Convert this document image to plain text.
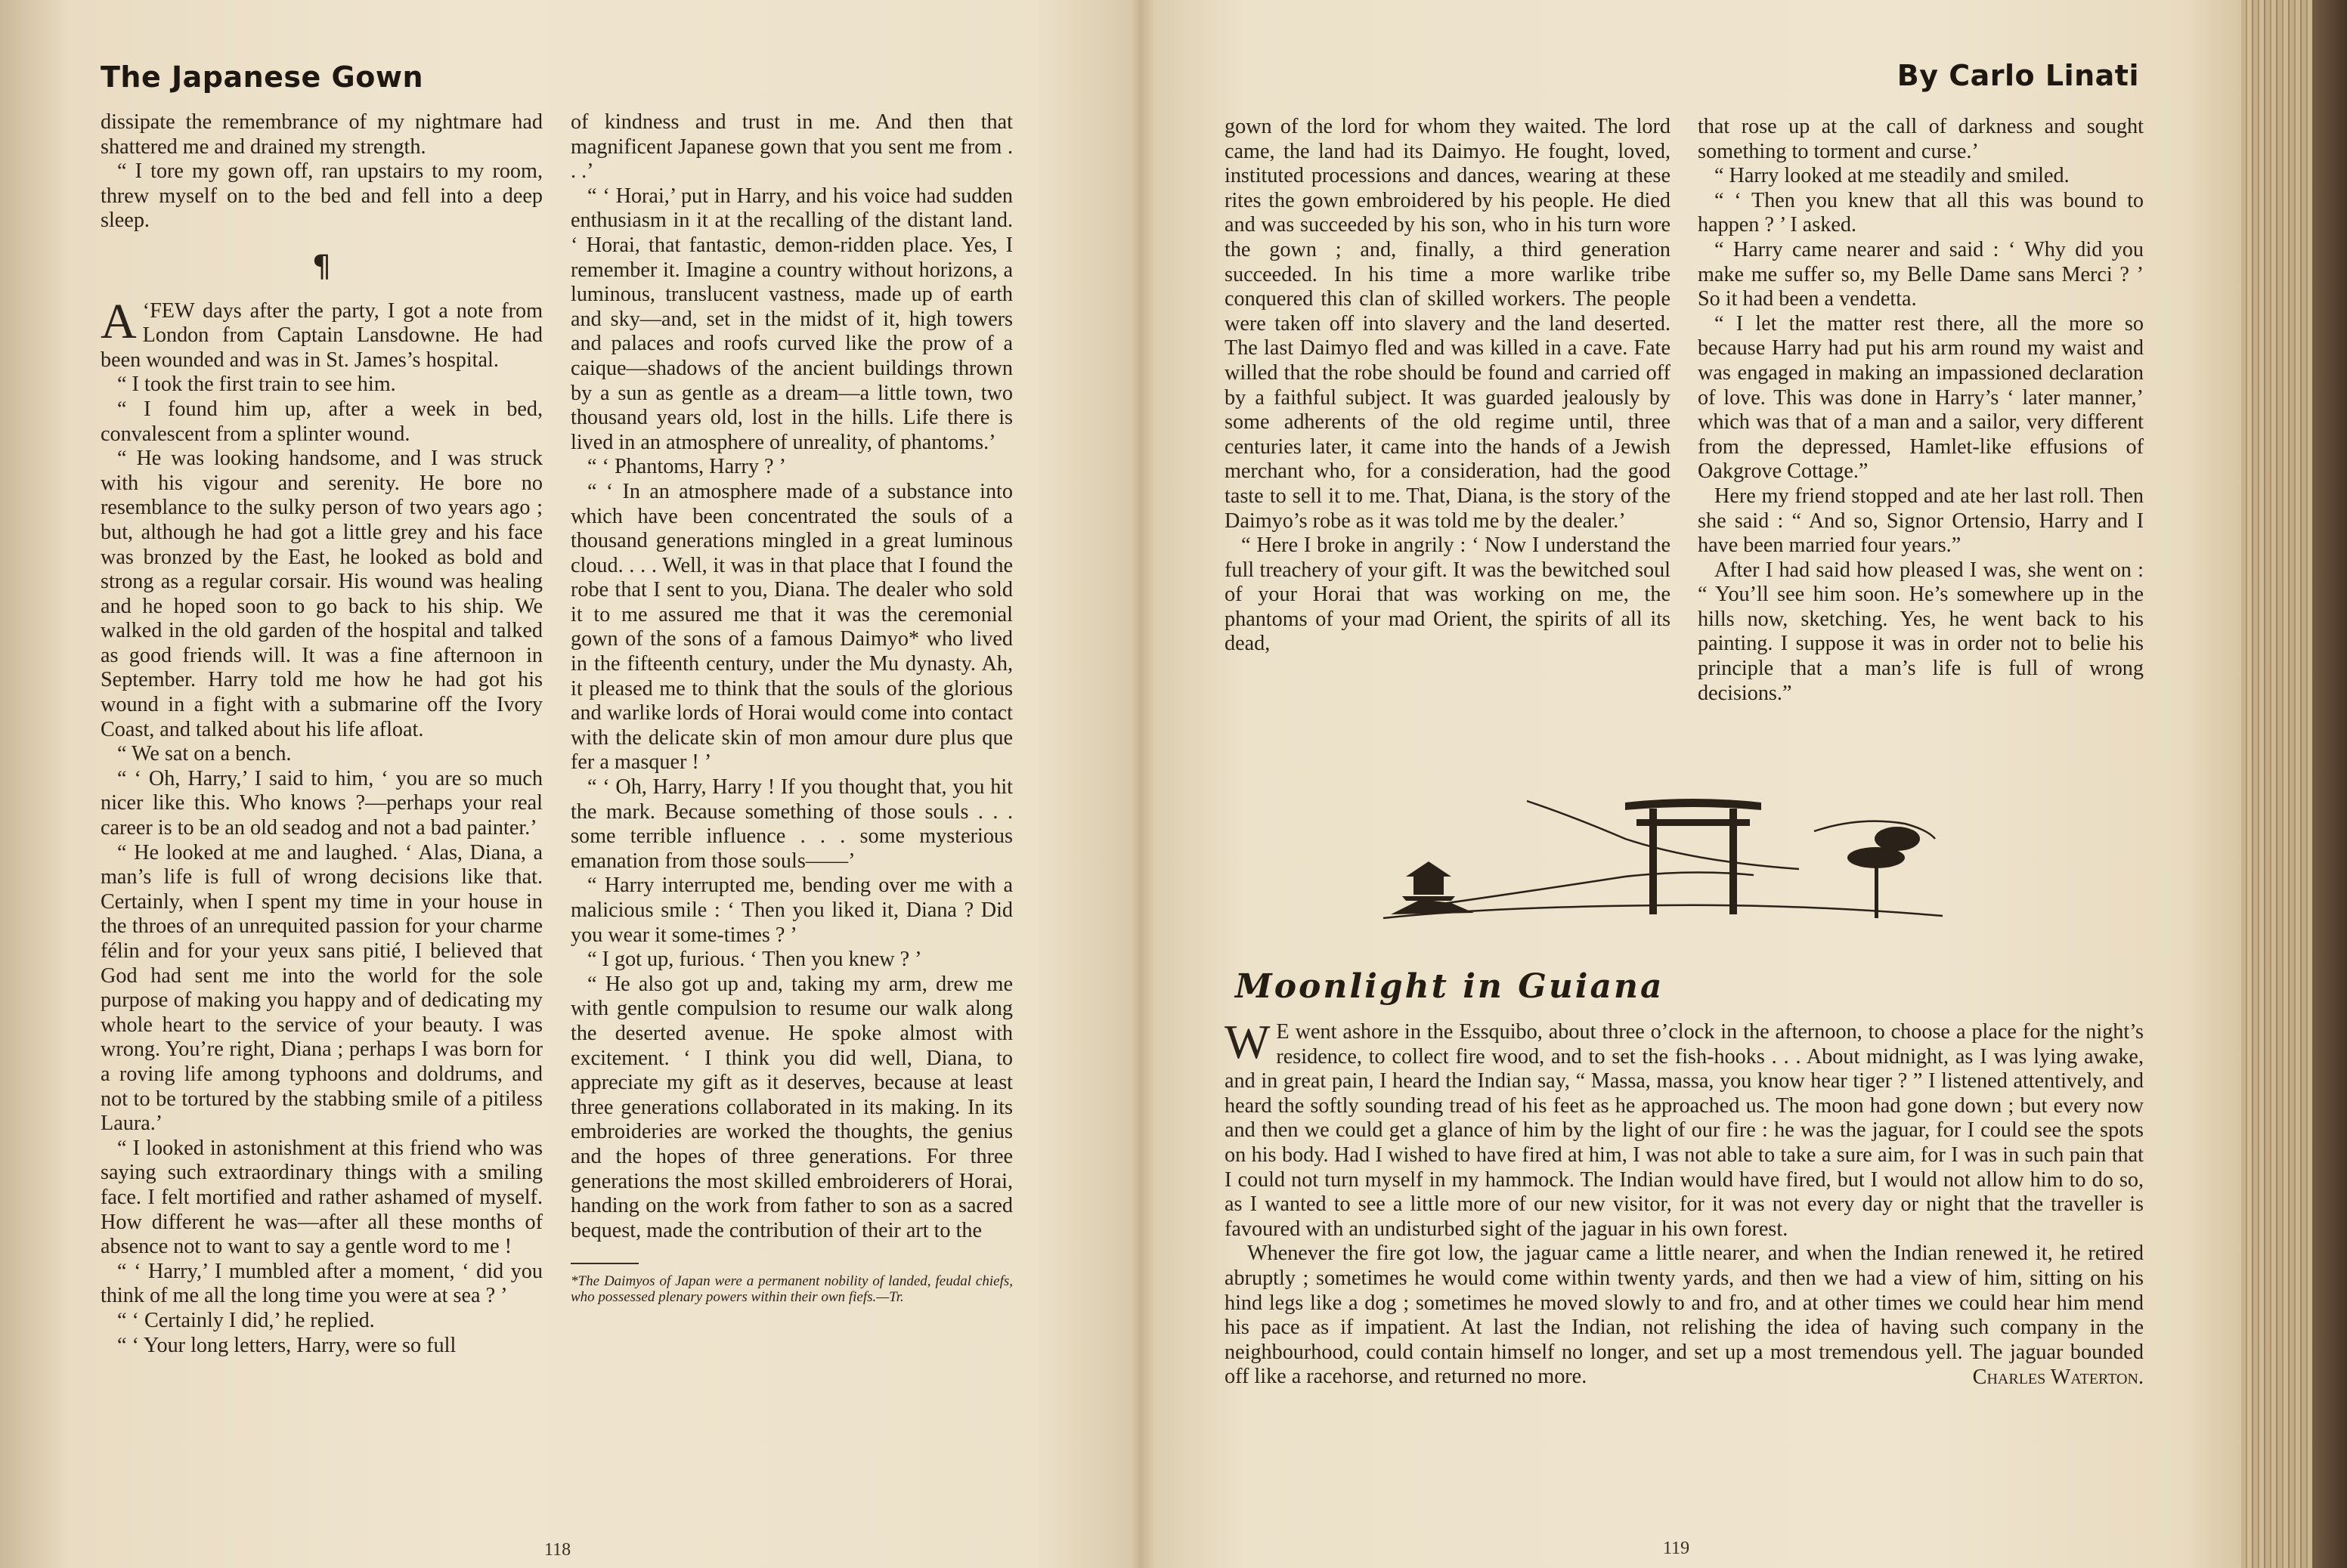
The Japanese Gown

dissipate the remembrance of my nightmare had shattered me and drained my strength.

“ I tore my gown off, ran upstairs to my room, threw myself on to the bed and fell into a deep sleep.

¶

‘
A FEW days after the party, I got a note from London from Captain Lansdowne. He had been wounded and was in St. James’s hospital.

“ I took the first train to see him.

“ I found him up, after a week in bed, convalescent from a splinter wound.

“ He was looking handsome, and I was struck with his vigour and serenity. He bore no resemblance to the sulky person of two years ago ; but, although he had got a little grey and his face was bronzed by the East, he looked as bold and strong as a regular corsair. His wound was healing and he hoped soon to go back to his ship. We walked in the old garden of the hospital and talked as good friends will. It was a fine afternoon in September. Harry told me how he had got his wound in a fight with a submarine off the Ivory Coast, and talked about his life afloat.

“ We sat on a bench.

“ ‘ Oh, Harry,’ I said to him, ‘ you are so much nicer like this. Who knows ?—perhaps your real career is to be an old seadog and not a bad painter.’

“ He looked at me and laughed. ‘ Alas, Diana, a man’s life is full of wrong decisions like that. Certainly, when I spent my time in your house in the throes of an unrequited passion for your charme félin and for your yeux sans pitié, I believed that God had sent me into the world for the sole purpose of making you happy and of dedicating my whole heart to the service of your beauty. I was wrong. You’re right, Diana ; perhaps I was born for a roving life among typhoons and doldrums, and not to be tortured by the stabbing smile of a pitiless Laura.’

“ I looked in astonishment at this friend who was saying such extraordinary things with a smiling face. I felt mortified and rather ashamed of myself. How different he was—after all these months of absence not to want to say a gentle word to me !

“ ‘ Harry,’ I mumbled after a moment, ‘ did you think of me all the long time you were at sea ? ’

“ ‘ Certainly I did,’ he replied.

“ ‘ Your long letters, Harry, were so full

of kindness and trust in me. And then that magnificent Japanese gown that you sent me from . . .’

“ ‘ Horai,’ put in Harry, and his voice had sudden enthusiasm in it at the recalling of the distant land. ‘ Horai, that fantastic, demon-ridden place. Yes, I remember it. Imagine a country without horizons, a luminous, translucent vastness, made up of earth and sky—and, set in the midst of it, high towers and palaces and roofs curved like the prow of a caique—shadows of the ancient buildings thrown by a sun as gentle as a dream—a little town, two thousand years old, lost in the hills. Life there is lived in an atmosphere of unreality, of phantoms.’

“ ‘ Phantoms, Harry ? ’

“ ‘ In an atmosphere made of a substance into which have been concentrated the souls of a thousand generations mingled in a great luminous cloud. . . . Well, it was in that place that I found the robe that I sent to you, Diana. The dealer who sold it to me assured me that it was the ceremonial gown of the sons of a famous Daimyo* who lived in the fifteenth century, under the Mu dynasty. Ah, it pleased me to think that the souls of the glorious and warlike lords of Horai would come into contact with the delicate skin of mon amour dure plus que fer a masquer ! ’

“ ‘ Oh, Harry, Harry ! If you thought that, you hit the mark. Because something of those souls . . . some terrible influence . . . some mysterious emanation from those souls——’

“ Harry interrupted me, bending over me with a malicious smile : ‘ Then you liked it, Diana ? Did you wear it some-times ? ’

“ I got up, furious. ‘ Then you knew ? ’

“ He also got up and, taking my arm, drew me with gentle compulsion to resume our walk along the deserted avenue. He spoke almost with excitement. ‘ I think you did well, Diana, to appreciate my gift as it deserves, because at least three generations collaborated in its making. In its embroideries are worked the thoughts, the genius and the hopes of three generations. For three generations the most skilled embroiderers of Horai, handing on the work from father to son as a sacred bequest, made the contribution of their art to the

*The Daimyos of Japan were a permanent nobility of landed, feudal chiefs, who possessed plenary powers within their own fiefs.—Tr.
118
By Carlo Linati

gown of the lord for whom they waited. The lord came, the land had its Daimyo. He fought, loved, instituted processions and dances, wearing at these rites the gown embroidered by his people. He died and was succeeded by his son, who in his turn wore the gown ; and, finally, a third generation succeeded. In his time a more warlike tribe conquered this clan of skilled workers. The people were taken off into slavery and the land deserted. The last Daimyo fled and was killed in a cave. Fate willed that the robe should be found and carried off by a faithful subject. It was guarded jealously by some adherents of the old regime until, three centuries later, it came into the hands of a Jewish merchant who, for a consideration, had the good taste to sell it to me. That, Diana, is the story of the Daimyo’s robe as it was told me by the dealer.’

“ Here I broke in angrily : ‘ Now I understand the full treachery of your gift. It was the bewitched soul of your Horai that was working on me, the phantoms of your mad Orient, the spirits of all its dead,

that rose up at the call of darkness and sought something to torment and curse.’

“ Harry looked at me steadily and smiled.

“ ‘ Then you knew that all this was bound to happen ? ’ I asked.

“ Harry came nearer and said : ‘ Why did you make me suffer so, my Belle Dame sans Merci ? ’ So it had been a vendetta.

“ I let the matter rest there, all the more so because Harry had put his arm round my waist and was engaged in making an impassioned declaration of love. This was done in Harry’s ‘ later manner,’ which was that of a man and a sailor, very different from the depressed, Hamlet-like effusions of Oakgrove Cottage.”

Here my friend stopped and ate her last roll. Then she said : “ And so, Signor Ortensio, Harry and I have been married four years.”

After I had said how pleased I was, she went on : “ You’ll see him soon. He’s somewhere up in the hills now, sketching. Yes, he went back to his painting. I suppose it was in order not to belie his principle that a man’s life is full of wrong decisions.”

Moonlight in Guiana

W E went ashore in the Essquibo, about three o’clock in the afternoon, to choose a place for the night’s residence, to collect fire wood, and to set the fish-hooks . . . About midnight, as I was lying awake, and in great pain, I heard the Indian say, “ Massa, massa, you know hear tiger ? ” I listened attentively, and heard the softly sounding tread of his feet as he approached us. The moon had gone down ; but every now and then we could get a glance of him by the light of our fire : he was the jaguar, for I could see the spots on his body. Had I wished to have fired at him, I was not able to take a sure aim, for I was in such pain that I could not turn myself in my hammock. The Indian would have fired, but I would not allow him to do so, as I wanted to see a little more of our new visitor, for it was not every day or night that the traveller is favoured with an undisturbed sight of the jaguar in his own forest.

Whenever the fire got low, the jaguar came a little nearer, and when the Indian renewed it, he retired abruptly ; sometimes he would come within twenty yards, and then we had a view of him, sitting on his hind legs like a dog ; sometimes he moved slowly to and fro, and at other times we could hear him mend his pace as if impatient. At last the Indian, not relishing the idea of having such company in the neighbourhood, could contain himself no longer, and set up a most tremendous yell. The jaguar bounded off like a racehorse, and returned no more.	Charles Waterton.
119
